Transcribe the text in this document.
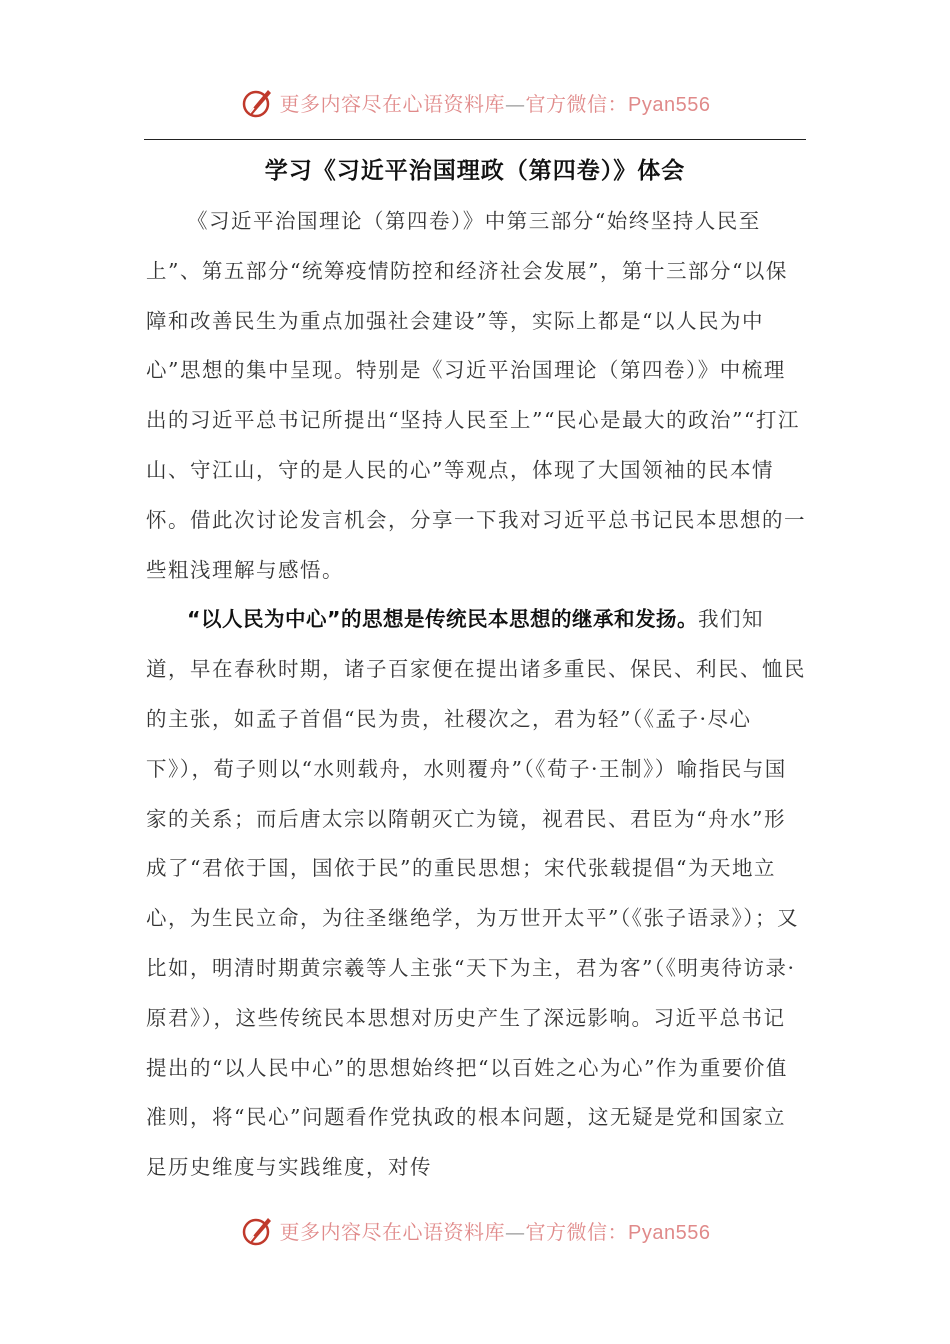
更多内容尽在心语资料库—官方微信：Pyan556
学习《习近平治国理政（第四卷）》体会

《习近平治国理论（第四卷）》中第三部分“始终坚持人民至上”、第五部分“统筹疫情防控和经济社会发展”，第十三部分“以保障和改善民生为重点加强社会建设”等，实际上都是“以人民为中心”思想的集中呈现。特别是《习近平治国理论（第四卷）》中梳理出的习近平总书记所提出“坚持人民至上”“民心是最大的政治”“打江山、守江山，守的是人民的心”等观点，体现了大国领袖的民本情怀。借此次讨论发言机会，分享一下我对习近平总书记民本思想的一些粗浅理解与感悟。

“以人民为中心”的思想是传统民本思想的继承和发扬。我们知道，早在春秋时期，诸子百家便在提出诸多重民、保民、利民、恤民的主张，如孟子首倡“民为贵，社稷次之，君为轻”（《孟子·尽心下》），荀子则以“水则载舟，水则覆舟”（《荀子·王制》）喻指民与国家的关系；而后唐太宗以隋朝灭亡为镜，视君民、君臣为“舟水”形成了“君依于国，国依于民”的重民思想；宋代张载提倡“为天地立心，为生民立命，为往圣继绝学，为万世开太平”（《张子语录》）；又比如，明清时期黄宗羲等人主张“天下为主，君为客”（《明夷待访录·原君》），这些传统民本思想对历史产生了深远影响。习近平总书记提出的“以人民中心”的思想始终把“以百姓之心为心”作为重要价值准则，将“民心”问题看作党执政的根本问题，这无疑是党和国家立足历史维度与实践维度，对传

更多内容尽在心语资料库—官方微信：Pyan556
